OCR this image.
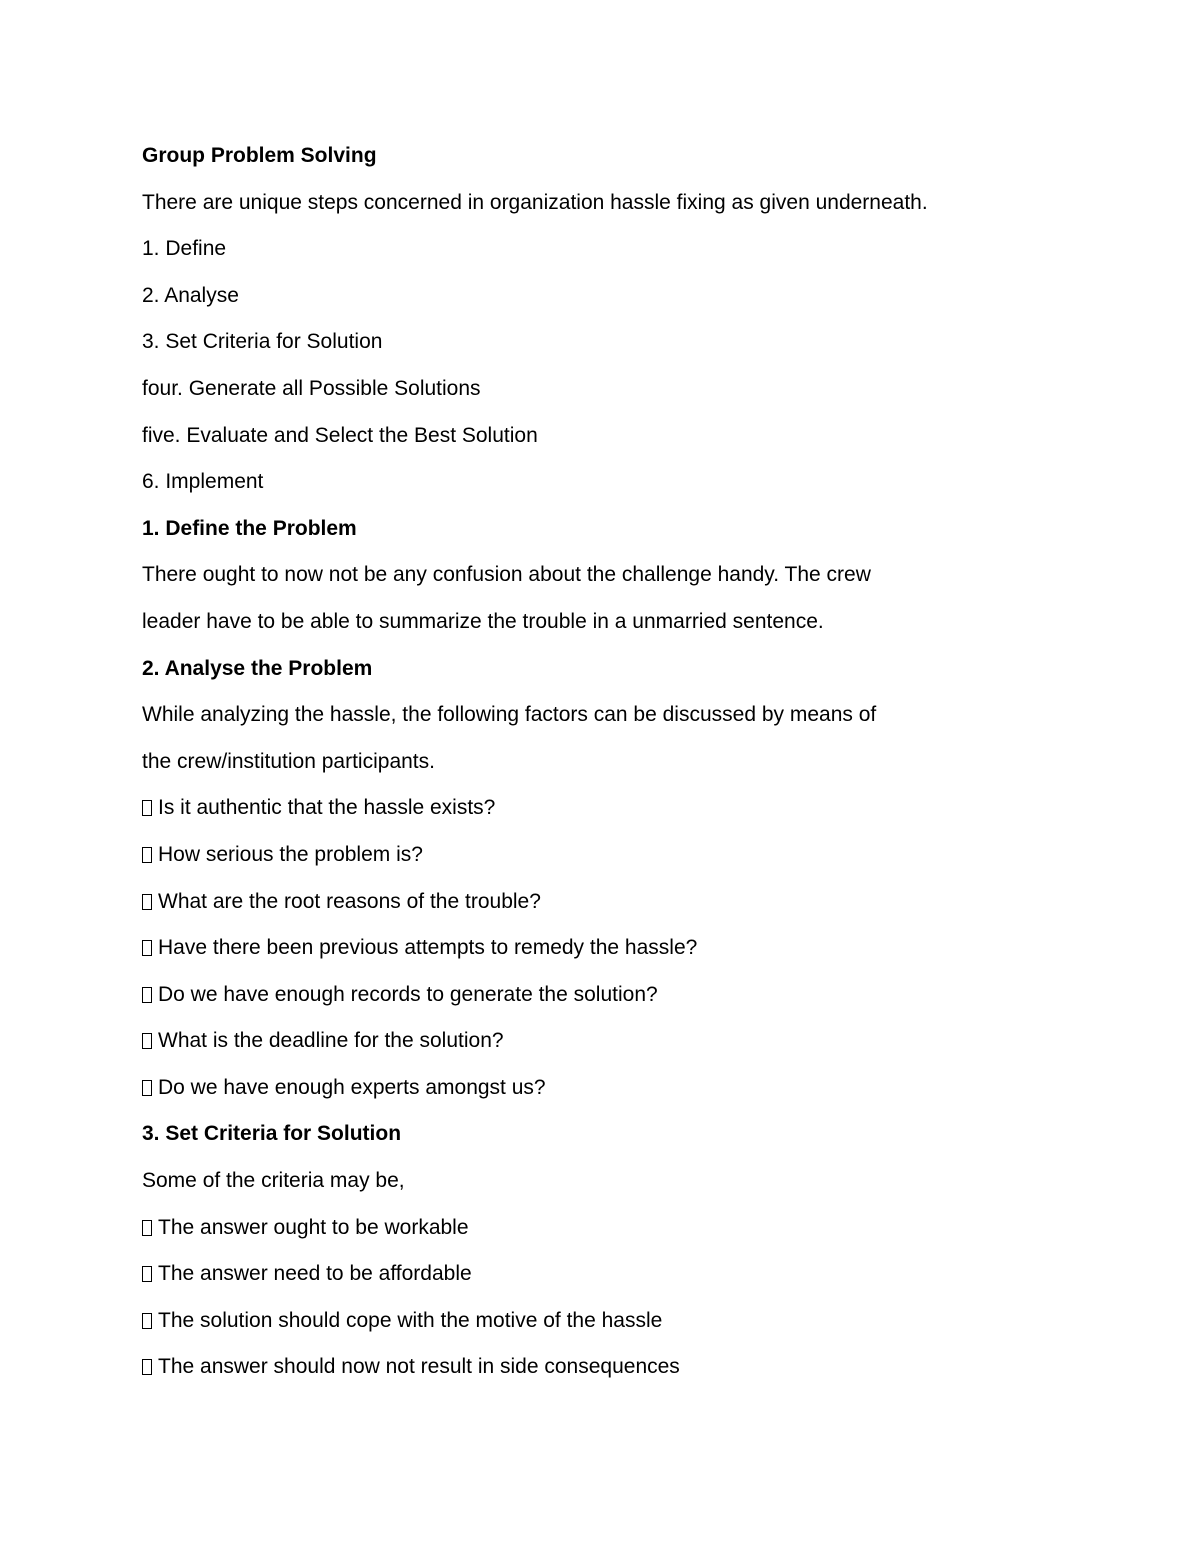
Group Problem Solving
There are unique steps concerned in organization hassle fixing as given underneath.
1. Define
2. Analyse
3. Set Criteria for Solution
four. Generate all Possible Solutions
five. Evaluate and Select the Best Solution
6. Implement
1. Define the Problem
There ought to now not be any confusion about the challenge handy. The crew
leader have to be able to summarize the trouble in a unmarried sentence.
2. Analyse the Problem
While analyzing the hassle, the following factors can be discussed by means of
the crew/institution participants.
Is it authentic that the hassle exists?
How serious the problem is?
What are the root reasons of the trouble?
Have there been previous attempts to remedy the hassle?
Do we have enough records to generate the solution?
What is the deadline for the solution?
Do we have enough experts amongst us?
3. Set Criteria for Solution
Some of the criteria may be,
The answer ought to be workable
The answer need to be affordable
The solution should cope with the motive of the hassle
The answer should now not result in side consequences
